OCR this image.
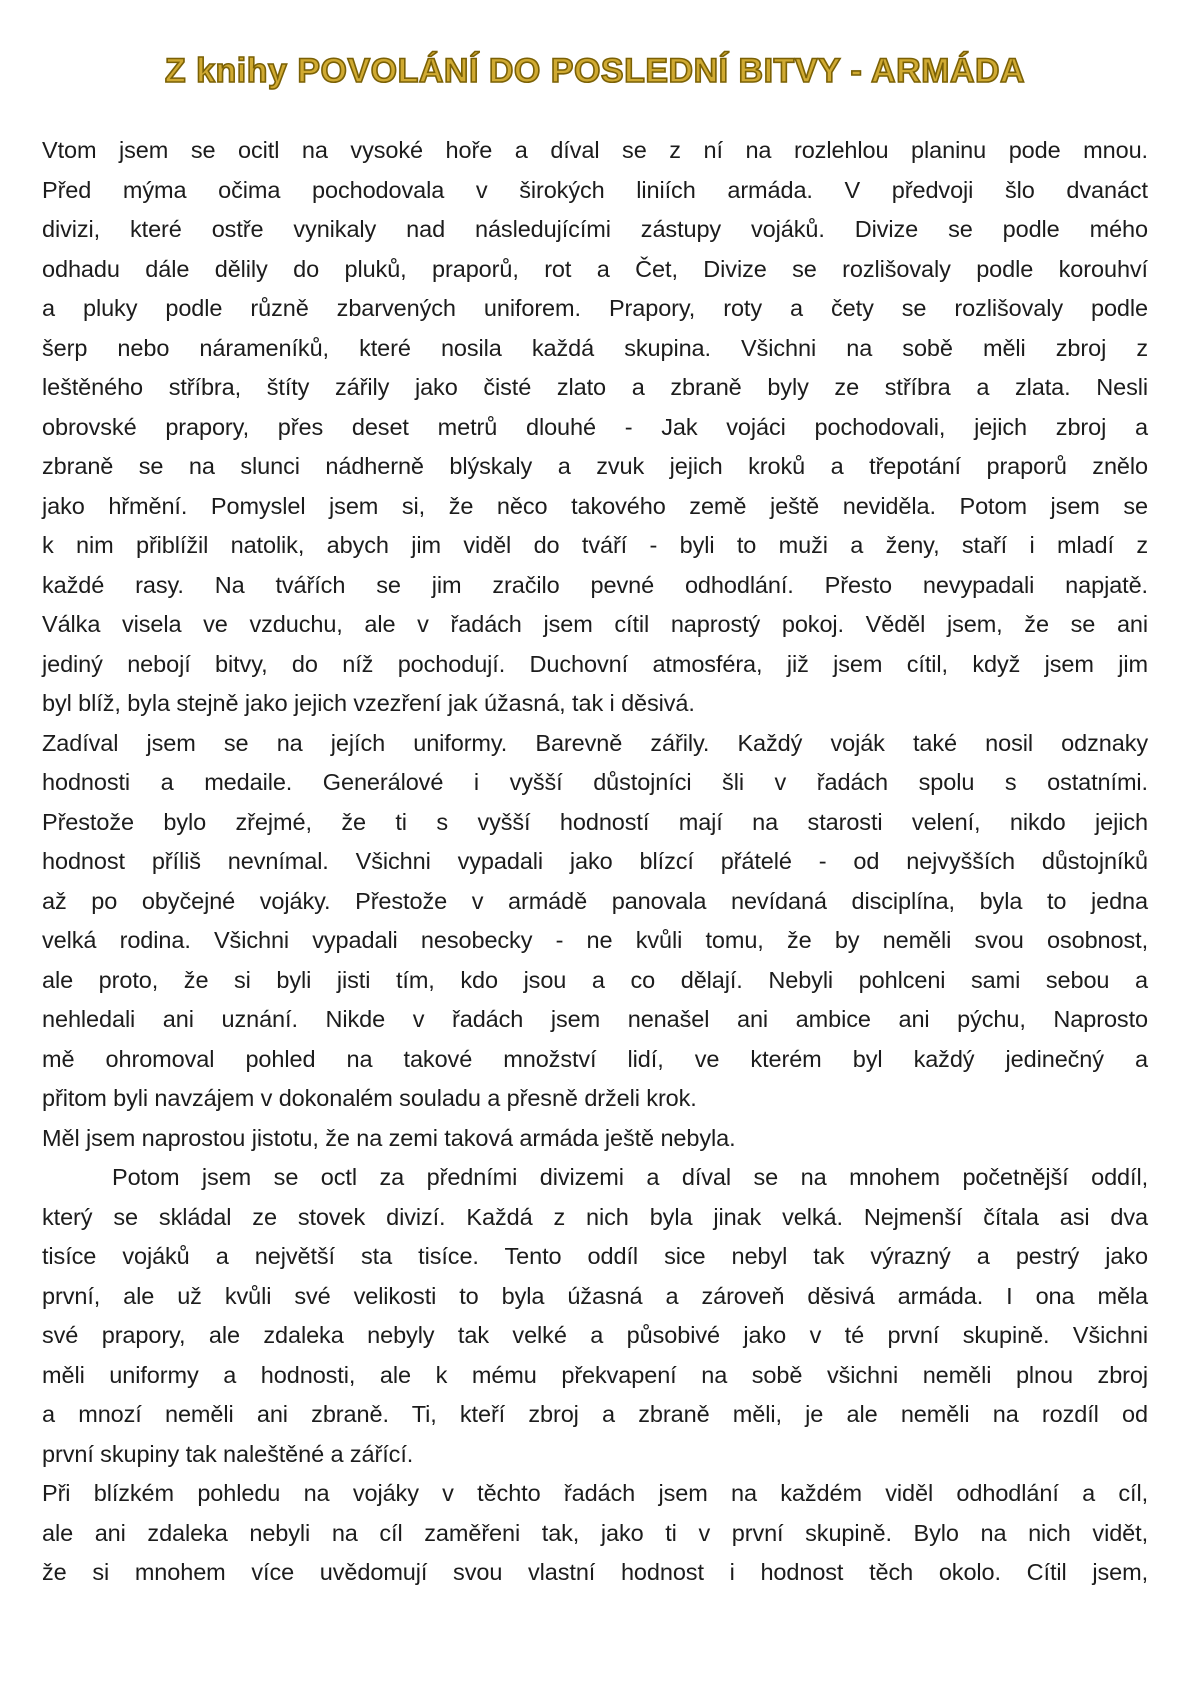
Z knihy POVOLÁNÍ DO POSLEDNÍ BITVY - ARMÁDA
Vtom jsem se ocitl na vysoké hoře a díval se z ní na rozlehlou planinu pode mnou.
Před mýma očima pochodovala v širokých liniích armáda. V předvoji šlo dvanáct
divizi, které ostře vynikaly nad následujícími zástupy vojáků. Divize se podle mého
odhadu dále dělily do pluků, praporů, rot a Čet, Divize se rozlišovaly podle korouhví
a pluky podle různě zbarvených uniforem. Prapory, roty a čety se rozlišovaly podle
šerp nebo nárameníků, které nosila každá skupina. Všichni na sobě měli zbroj z
leštěného stříbra, štíty zářily jako čisté zlato a zbraně byly ze stříbra a zlata. Nesli
obrovské prapory, přes deset metrů dlouhé - Jak vojáci pochodovali, jejich zbroj a
zbraně se na slunci nádherně blýskaly a zvuk jejich kroků a třepotání praporů znělo
jako hřmění. Pomyslel jsem si, že něco takového země ještě neviděla. Potom jsem se
k nim přiblížil natolik, abych jim viděl do tváří - byli to muži a ženy, staří i mladí z
každé rasy. Na tvářích se jim zračilo pevné odhodlání. Přesto nevypadali napjatě.
Válka visela ve vzduchu, ale v řadách jsem cítil naprostý pokoj. Věděl jsem, že se ani
jediný nebojí bitvy, do níž pochodují. Duchovní atmosféra, již jsem cítil, když jsem jim
byl blíž, byla stejně jako jejich vzezření jak úžasná, tak i děsivá.
Zadíval jsem se na jejích uniformy. Barevně zářily. Každý voják také nosil odznaky
hodnosti a medaile. Generálové i vyšší důstojníci šli v řadách spolu s ostatními.
Přestože bylo zřejmé, že ti s vyšší hodností mají na starosti velení, nikdo jejich
hodnost příliš nevnímal. Všichni vypadali jako blízcí přátelé - od nejvyšších důstojníků
až po obyčejné vojáky. Přestože v armádě panovala nevídaná disciplína, byla to jedna
velká rodina. Všichni vypadali nesobecky - ne kvůli tomu, že by neměli svou osobnost,
ale proto, že si byli jisti tím, kdo jsou a co dělají. Nebyli pohlceni sami sebou a
nehledali ani uznání. Nikde v řadách jsem nenašel ani ambice ani pýchu, Naprosto
mě ohromoval pohled na takové množství lidí, ve kterém byl každý jedinečný a
přitom byli navzájem v dokonalém souladu a přesně drželi krok.
Měl jsem naprostou jistotu, že na zemi taková armáda ještě nebyla.
Potom jsem se octl za předními divizemi a díval se na mnohem početnější oddíl,
který se skládal ze stovek divizí. Každá z nich byla jinak velká. Nejmenší čítala asi dva
tisíce vojáků a největší sta tisíce. Tento oddíl sice nebyl tak výrazný a pestrý jako
první, ale už kvůli své velikosti to byla úžasná a zároveň děsivá armáda. I ona měla
své prapory, ale zdaleka nebyly tak velké a působivé jako v té první skupině. Všichni
měli uniformy a hodnosti, ale k mému překvapení na sobě všichni neměli plnou zbroj
a mnozí neměli ani zbraně. Ti, kteří zbroj a zbraně měli, je ale neměli na rozdíl od
první skupiny tak naleštěné a zářící.
Při blízkém pohledu na vojáky v těchto řadách jsem na každém viděl odhodlání a cíl,
ale ani zdaleka nebyli na cíl zaměřeni tak, jako ti v první skupině. Bylo na nich vidět,
že si mnohem více uvědomují svou vlastní hodnost i hodnost těch okolo. Cítil jsem,
